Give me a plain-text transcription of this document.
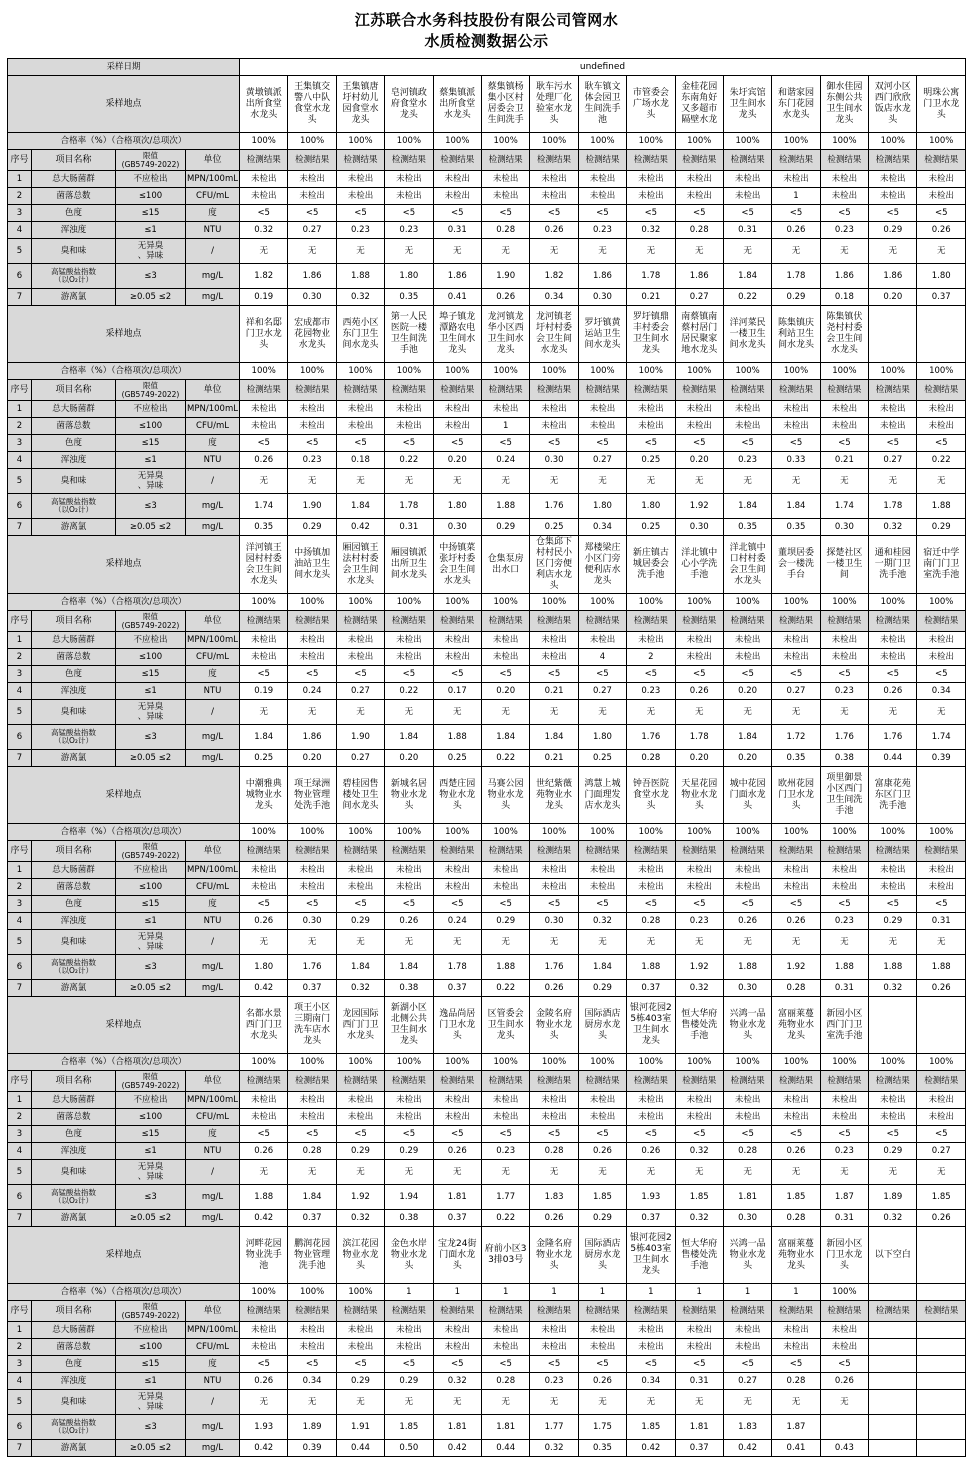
江苏联合水务科技股份有限公司管网水
水质检测数据公示
采样日期				undefined														
采样地点				黄墩镇派出所食堂水龙头	王集镇交警八中队食堂水龙头	王集镇唐圩村幼儿园食堂水龙头	皂河镇政府食堂水龙头	蔡集镇派出所食堂水龙头	蔡集镇杨集小区村居委会卫生间洗手	耿车污水处理厂化验室水龙头	耿车镇文体会园卫生间洗手池	市管委会广场水龙头	金桂花园东南角好又多超市隔壁水龙	朱圩宾馆卫生间水龙头	和谐家园东门花园水龙头	御水佳园东侧公共卫生间水龙头	双河小区西门欣欣饭店水龙头	明珠公寓门卫水龙头
合格率（%）（合格项次/总项次）				100%	100%	100%	100%	100%	100%	100%	100%	100%	100%	100%	100%	100%	100%	100%
序号	项目名称	限值
(GB5749-2022)	单位	检测结果	检测结果	检测结果	检测结果	检测结果	检测结果	检测结果	检测结果	检测结果	检测结果	检测结果	检测结果	检测结果	检测结果	检测结果
1	总大肠菌群	不应检出	MPN/100mL	未检出	未检出	未检出	未检出	未检出	未检出	未检出	未检出	未检出	未检出	未检出	未检出	未检出	未检出	未检出
2	菌落总数	≤100	CFU/mL	未检出	未检出	未检出	未检出	未检出	未检出	未检出	未检出	未检出	未检出	未检出	1	未检出	未检出	未检出
3	色度	≤15	度	<5	<5	<5	<5	<5	<5	<5	<5	<5	<5	<5	<5	<5	<5	<5
4	浑浊度	≤1	NTU	0.32	0.27	0.23	0.23	0.31	0.28	0.26	0.23	0.32	0.28	0.31	0.26	0.23	0.29	0.26
5	臭和味	无异臭
、异味	/	无	无	无	无	无	无	无	无	无	无	无	无	无	无	无
6	高锰酸盐指数
（以O₂计）	≤3	mg/L	1.82	1.86	1.88	1.80	1.86	1.90	1.82	1.86	1.78	1.86	1.84	1.78	1.86	1.86	1.80
7	游离氯	≥0.05 ≤2	mg/L	0.19	0.30	0.32	0.35	0.41	0.26	0.34	0.30	0.21	0.27	0.22	0.29	0.18	0.20	0.37
采样地点				祥和名邸门卫水龙头	宏成都市花园物业水龙头	西苑小区东门卫生间水龙头	第一人民医院一楼卫生间洗手池	埠子镇龙潭路农电卫生间水龙头	龙河镇龙华小区西卫生间水龙头	龙河镇老圩村村委会卫生间水龙头	罗圩镇黄运站卫生间水龙头	罗圩镇鼎丰村委会卫生间水龙头	南蔡镇南蔡村居门居民聚家地水龙头	洋河菜民一楼卫生间水龙头	陈集镇庆利站卫生间水龙头	陈集镇伏尧村村委会卫生间水龙头		
合格率（%）（合格项次/总项次）				100%	100%	100%	100%	100%	100%	100%	100%	100%	100%	100%	100%	100%	100%	100%
序号	项目名称	限值
(GB5749-2022)	单位	检测结果	检测结果	检测结果	检测结果	检测结果	检测结果	检测结果	检测结果	检测结果	检测结果	检测结果	检测结果	检测结果	检测结果	检测结果
1	总大肠菌群	不应检出	MPN/100mL	未检出	未检出	未检出	未检出	未检出	未检出	未检出	未检出	未检出	未检出	未检出	未检出	未检出	未检出	未检出
2	菌落总数	≤100	CFU/mL	未检出	未检出	未检出	未检出	未检出	1	未检出	未检出	未检出	未检出	未检出	未检出	未检出	未检出	未检出
3	色度	≤15	度	<5	<5	<5	<5	<5	<5	<5	<5	<5	<5	<5	<5	<5	<5	<5
4	浑浊度	≤1	NTU	0.26	0.23	0.18	0.22	0.20	0.24	0.30	0.27	0.25	0.20	0.23	0.33	0.21	0.27	0.22
5	臭和味	无异臭
、异味	/	无	无	无	无	无	无	无	无	无	无	无	无	无	无	无
6	高锰酸盐指数
（以O₂计）	≤3	mg/L	1.74	1.90	1.84	1.78	1.80	1.88	1.76	1.80	1.80	1.92	1.84	1.84	1.74	1.78	1.88
7	游离氯	≥0.05 ≤2	mg/L	0.35	0.29	0.42	0.31	0.30	0.29	0.25	0.34	0.25	0.30	0.35	0.35	0.30	0.32	0.29
采样地点				洋河镇王园村村委会卫生间水龙头	中扬镇加油站卫生间水龙头	厢园镇王法村村委会卫生间水龙头	厢园镇派出所卫生间水龙头	中扬镇菜张圩村委会卫生间水龙头	仓集泵房出水口	仓集邱下村村民小区门旁便利店水龙头	郑楼梁庄小区门旁便利店水龙头	新庄镇古城居委会洗手池	洋北镇中心小学洗手池	洋北镇中口村村委会卫生间水龙头	董坝居委会一楼洗手台	探楚社区一楼卫生间	通和桂园一期门卫洗手池	宿迁中学南门门卫室洗手池
合格率（%）（合格项次/总项次）				100%	100%	100%	100%	100%	100%	100%	100%	100%	100%	100%	100%	100%	100%	100%
序号	项目名称	限值
(GB5749-2022)	单位	检测结果	检测结果	检测结果	检测结果	检测结果	检测结果	检测结果	检测结果	检测结果	检测结果	检测结果	检测结果	检测结果	检测结果	检测结果
1	总大肠菌群	不应检出	MPN/100mL	未检出	未检出	未检出	未检出	未检出	未检出	未检出	未检出	未检出	未检出	未检出	未检出	未检出	未检出	未检出
2	菌落总数	≤100	CFU/mL	未检出	未检出	未检出	未检出	未检出	未检出	未检出	4	2	未检出	未检出	未检出	未检出	未检出	未检出
3	色度	≤15	度	<5	<5	<5	<5	<5	<5	<5	<5	<5	<5	<5	<5	<5	<5	<5
4	浑浊度	≤1	NTU	0.19	0.24	0.27	0.22	0.17	0.20	0.21	0.27	0.23	0.26	0.20	0.27	0.23	0.26	0.34
5	臭和味	无异臭
、异味	/	无	无	无	无	无	无	无	无	无	无	无	无	无	无	无
6	高锰酸盐指数
（以O₂计）	≤3	mg/L	1.84	1.86	1.90	1.84	1.88	1.84	1.84	1.80	1.76	1.78	1.84	1.72	1.76	1.76	1.74
7	游离氯	≥0.05 ≤2	mg/L	0.25	0.20	0.27	0.20	0.25	0.22	0.21	0.25	0.28	0.20	0.20	0.35	0.38	0.44	0.39
采样地点				中潮雅典城物业水龙头	项王绿洲物业管理处洗手池	碧桂园售楼处卫生间水龙头	新城名居物业水龙头	西楚庄园物业水龙头	马赛公园物业水龙头	世纪紫薇苑物业水龙头	鸿慧上城门面理发店水龙头	钟吾医院食堂水龙头	天星花园物业水龙头	城中花园门面水龙头	欧州花园门卫水龙头	项里御景小区西门卫生间洗手池	富康花苑东区门卫洗手池	
合格率（%）（合格项次/总项次）				100%	100%	100%	100%	100%	100%	100%	100%	100%	100%	100%	100%	100%	100%	100%
序号	项目名称	限值
(GB5749-2022)	单位	检测结果	检测结果	检测结果	检测结果	检测结果	检测结果	检测结果	检测结果	检测结果	检测结果	检测结果	检测结果	检测结果	检测结果	检测结果
1	总大肠菌群	不应检出	MPN/100mL	未检出	未检出	未检出	未检出	未检出	未检出	未检出	未检出	未检出	未检出	未检出	未检出	未检出	未检出	未检出
2	菌落总数	≤100	CFU/mL	未检出	未检出	未检出	未检出	未检出	未检出	未检出	未检出	未检出	未检出	未检出	未检出	未检出	未检出	未检出
3	色度	≤15	度	<5	<5	<5	<5	<5	<5	<5	<5	<5	<5	<5	<5	<5	<5	<5
4	浑浊度	≤1	NTU	0.26	0.30	0.29	0.26	0.24	0.29	0.30	0.32	0.28	0.23	0.26	0.26	0.23	0.29	0.31
5	臭和味	无异臭
、异味	/	无	无	无	无	无	无	无	无	无	无	无	无	无	无	无
6	高锰酸盐指数
（以O₂计）	≤3	mg/L	1.80	1.76	1.84	1.84	1.78	1.88	1.76	1.84	1.88	1.92	1.88	1.92	1.88	1.88	1.88
7	游离氯	≥0.05 ≤2	mg/L	0.42	0.37	0.32	0.38	0.37	0.22	0.26	0.29	0.37	0.32	0.30	0.28	0.31	0.32	0.26
采样地点				名都水景西门门卫水龙头	项王小区三期南门洗车店水龙头	龙园国际西门门卫水龙头	新湖小区北侧公共卫生间水龙头	逸品尚居门卫水龙头	区管委会卫生间水龙头	金陵名府物业水龙头	国际酒店厨房水龙头	银河花园25栋403室卫生间水龙头	恒大华府售楼处洗手池	兴鸿一品物业水龙头	富丽莱蔓苑物业水龙头	新园小区西门门卫室洗手池		
合格率（%）（合格项次/总项次）				100%	100%	100%	100%	100%	100%	100%	100%	100%	100%	100%	100%	100%	100%	100%
序号	项目名称	限值
(GB5749-2022)	单位	检测结果	检测结果	检测结果	检测结果	检测结果	检测结果	检测结果	检测结果	检测结果	检测结果	检测结果	检测结果	检测结果	检测结果	检测结果
1	总大肠菌群	不应检出	MPN/100mL	未检出	未检出	未检出	未检出	未检出	未检出	未检出	未检出	未检出	未检出	未检出	未检出	未检出	未检出	未检出
2	菌落总数	≤100	CFU/mL	未检出	未检出	未检出	未检出	未检出	未检出	未检出	未检出	未检出	未检出	未检出	未检出	未检出	未检出	未检出
3	色度	≤15	度	<5	<5	<5	<5	<5	<5	<5	<5	<5	<5	<5	<5	<5	<5	<5
4	浑浊度	≤1	NTU	0.26	0.28	0.29	0.29	0.26	0.23	0.28	0.26	0.26	0.32	0.28	0.26	0.23	0.29	0.27
5	臭和味	无异臭
、异味	/	无	无	无	无	无	无	无	无	无	无	无	无	无	无	无
6	高锰酸盐指数
（以O₂计）	≤3	mg/L	1.88	1.84	1.92	1.94	1.81	1.77	1.83	1.85	1.93	1.85	1.81	1.85	1.87	1.89	1.85
7	游离氯	≥0.05 ≤2	mg/L	0.42	0.37	0.32	0.38	0.37	0.22	0.26	0.29	0.37	0.32	0.30	0.28	0.31	0.32	0.26
采样地点				河畔花园物业洗手池	鹏润花园物业管理洗手池	滨江花园物业水龙头	金色水岸物业水龙头	宝龙24街门面水龙头	府前小区33排03号	金隆名府物业水龙头	国际酒店厨房水龙头	银河花园25栋403室卫生间水龙头	恒大华府售楼处洗手池	兴鸿一品物业水龙头	富丽莱蔓苑物业水龙头	新园小区门卫水龙头	以下空白	
合格率（%）（合格项次/总项次）				100%	100%	100%	1	1	1	1	1	1	1	1	1	100%		
序号	项目名称	限值
(GB5749-2022)	单位	检测结果	检测结果	检测结果	检测结果	检测结果	检测结果	检测结果	检测结果	检测结果	检测结果	检测结果	检测结果	检测结果	检测结果	检测结果
1	总大肠菌群	不应检出	MPN/100mL	未检出	未检出	未检出	未检出	未检出	未检出	未检出	未检出	未检出	未检出	未检出	未检出	未检出		
2	菌落总数	≤100	CFU/mL	未检出	未检出	未检出	未检出	未检出	未检出	未检出	未检出	未检出	未检出	未检出	未检出	未检出		
3	色度	≤15	度	<5	<5	<5	<5	<5	<5	<5	<5	<5	<5	<5	<5	<5		
4	浑浊度	≤1	NTU	0.26	0.34	0.29	0.29	0.32	0.28	0.23	0.26	0.34	0.31	0.27	0.28	0.26		
5	臭和味	无异臭
、异味	/	无	无	无	无	无	无	无	无	无	无	无	无	无		
6	高锰酸盐指数
（以O₂计）	≤3	mg/L	1.93	1.89	1.91	1.85	1.81	1.81	1.77	1.75	1.85	1.81	1.83	1.87			
7	游离氯	≥0.05 ≤2	mg/L	0.42	0.39	0.44	0.50	0.42	0.44	0.32	0.35	0.42	0.37	0.42	0.41	0.43		
